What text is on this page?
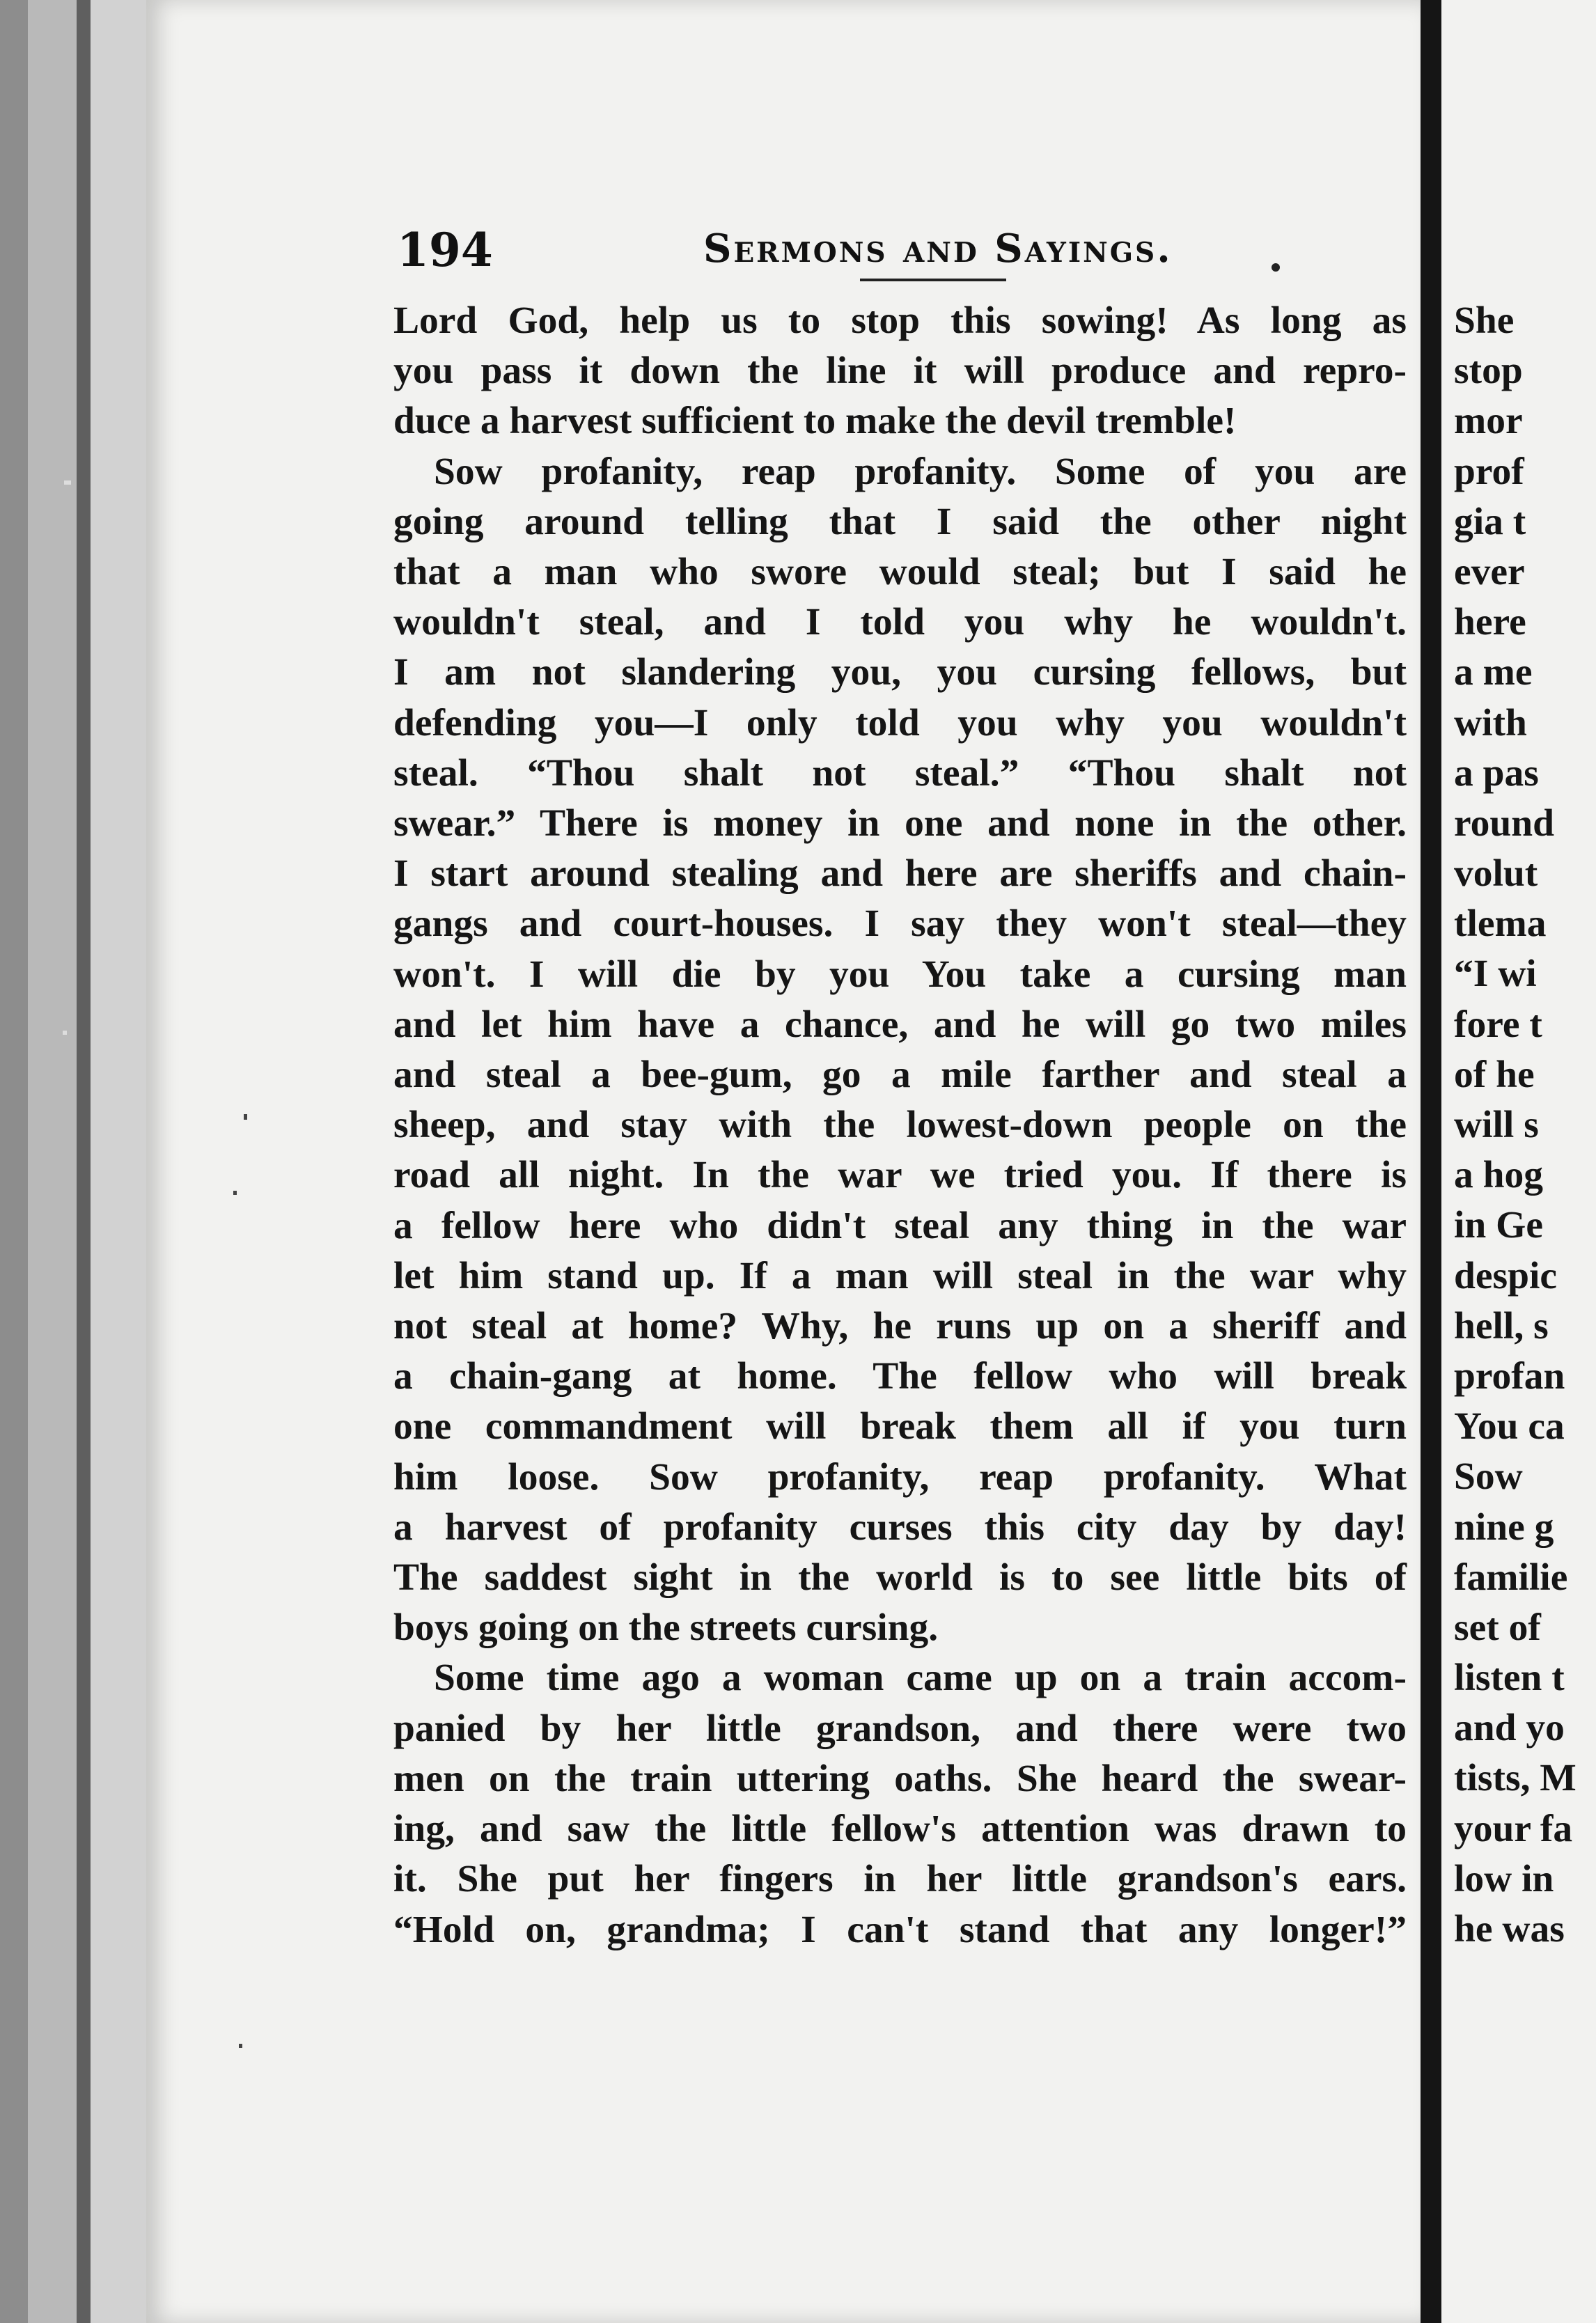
194	Sermons and Sayings.
Lord God, help us to stop this sowing! As long as
you pass it down the line it will produce and repro-
duce a harvest sufficient to make the devil tremble!
Sow profanity, reap profanity. Some of you are
going around telling that I said the other night
that a man who swore would steal; but I said he
wouldn't steal, and I told you why he wouldn't.
I am not slandering you, you cursing fellows, but
defending you—I only told you why you wouldn't
steal. “Thou shalt not steal.” “Thou shalt not
swear.” There is money in one and none in the other.
I start around stealing and here are sheriffs and chain-
gangs and court-houses. I say they won't steal—they
won't. I will die by you You take a cursing man
and let him have a chance, and he will go two miles
and steal a bee-gum, go a mile farther and steal a
sheep, and stay with the lowest-down people on the
road all night. In the war we tried you. If there is
a fellow here who didn't steal any thing in the war
let him stand up. If a man will steal in the war why
not steal at home? Why, he runs up on a sheriff and
a chain-gang at home. The fellow who will break
one commandment will break them all if you turn
him loose. Sow profanity, reap profanity. What
a harvest of profanity curses this city day by day!
The saddest sight in the world is to see little bits of
boys going on the streets cursing.
Some time ago a woman came up on a train accom-
panied by her little grandson, and there were two
men on the train uttering oaths. She heard the swear-
ing, and saw the little fellow's attention was drawn to
it. She put her fingers in her little grandson's ears.
“Hold on, grandma; I can't stand that any longer!”
She
stop
mor
prof
gia t
ever
here
a me
with
a pas
round
volut
tlema
“I wi
fore t
of he
will s
a hog
in Ge
despic
hell, s
profan
You ca
Sow
nine g
familie
set of
listen t
and yo
tists, M
your fa
low in
he was
